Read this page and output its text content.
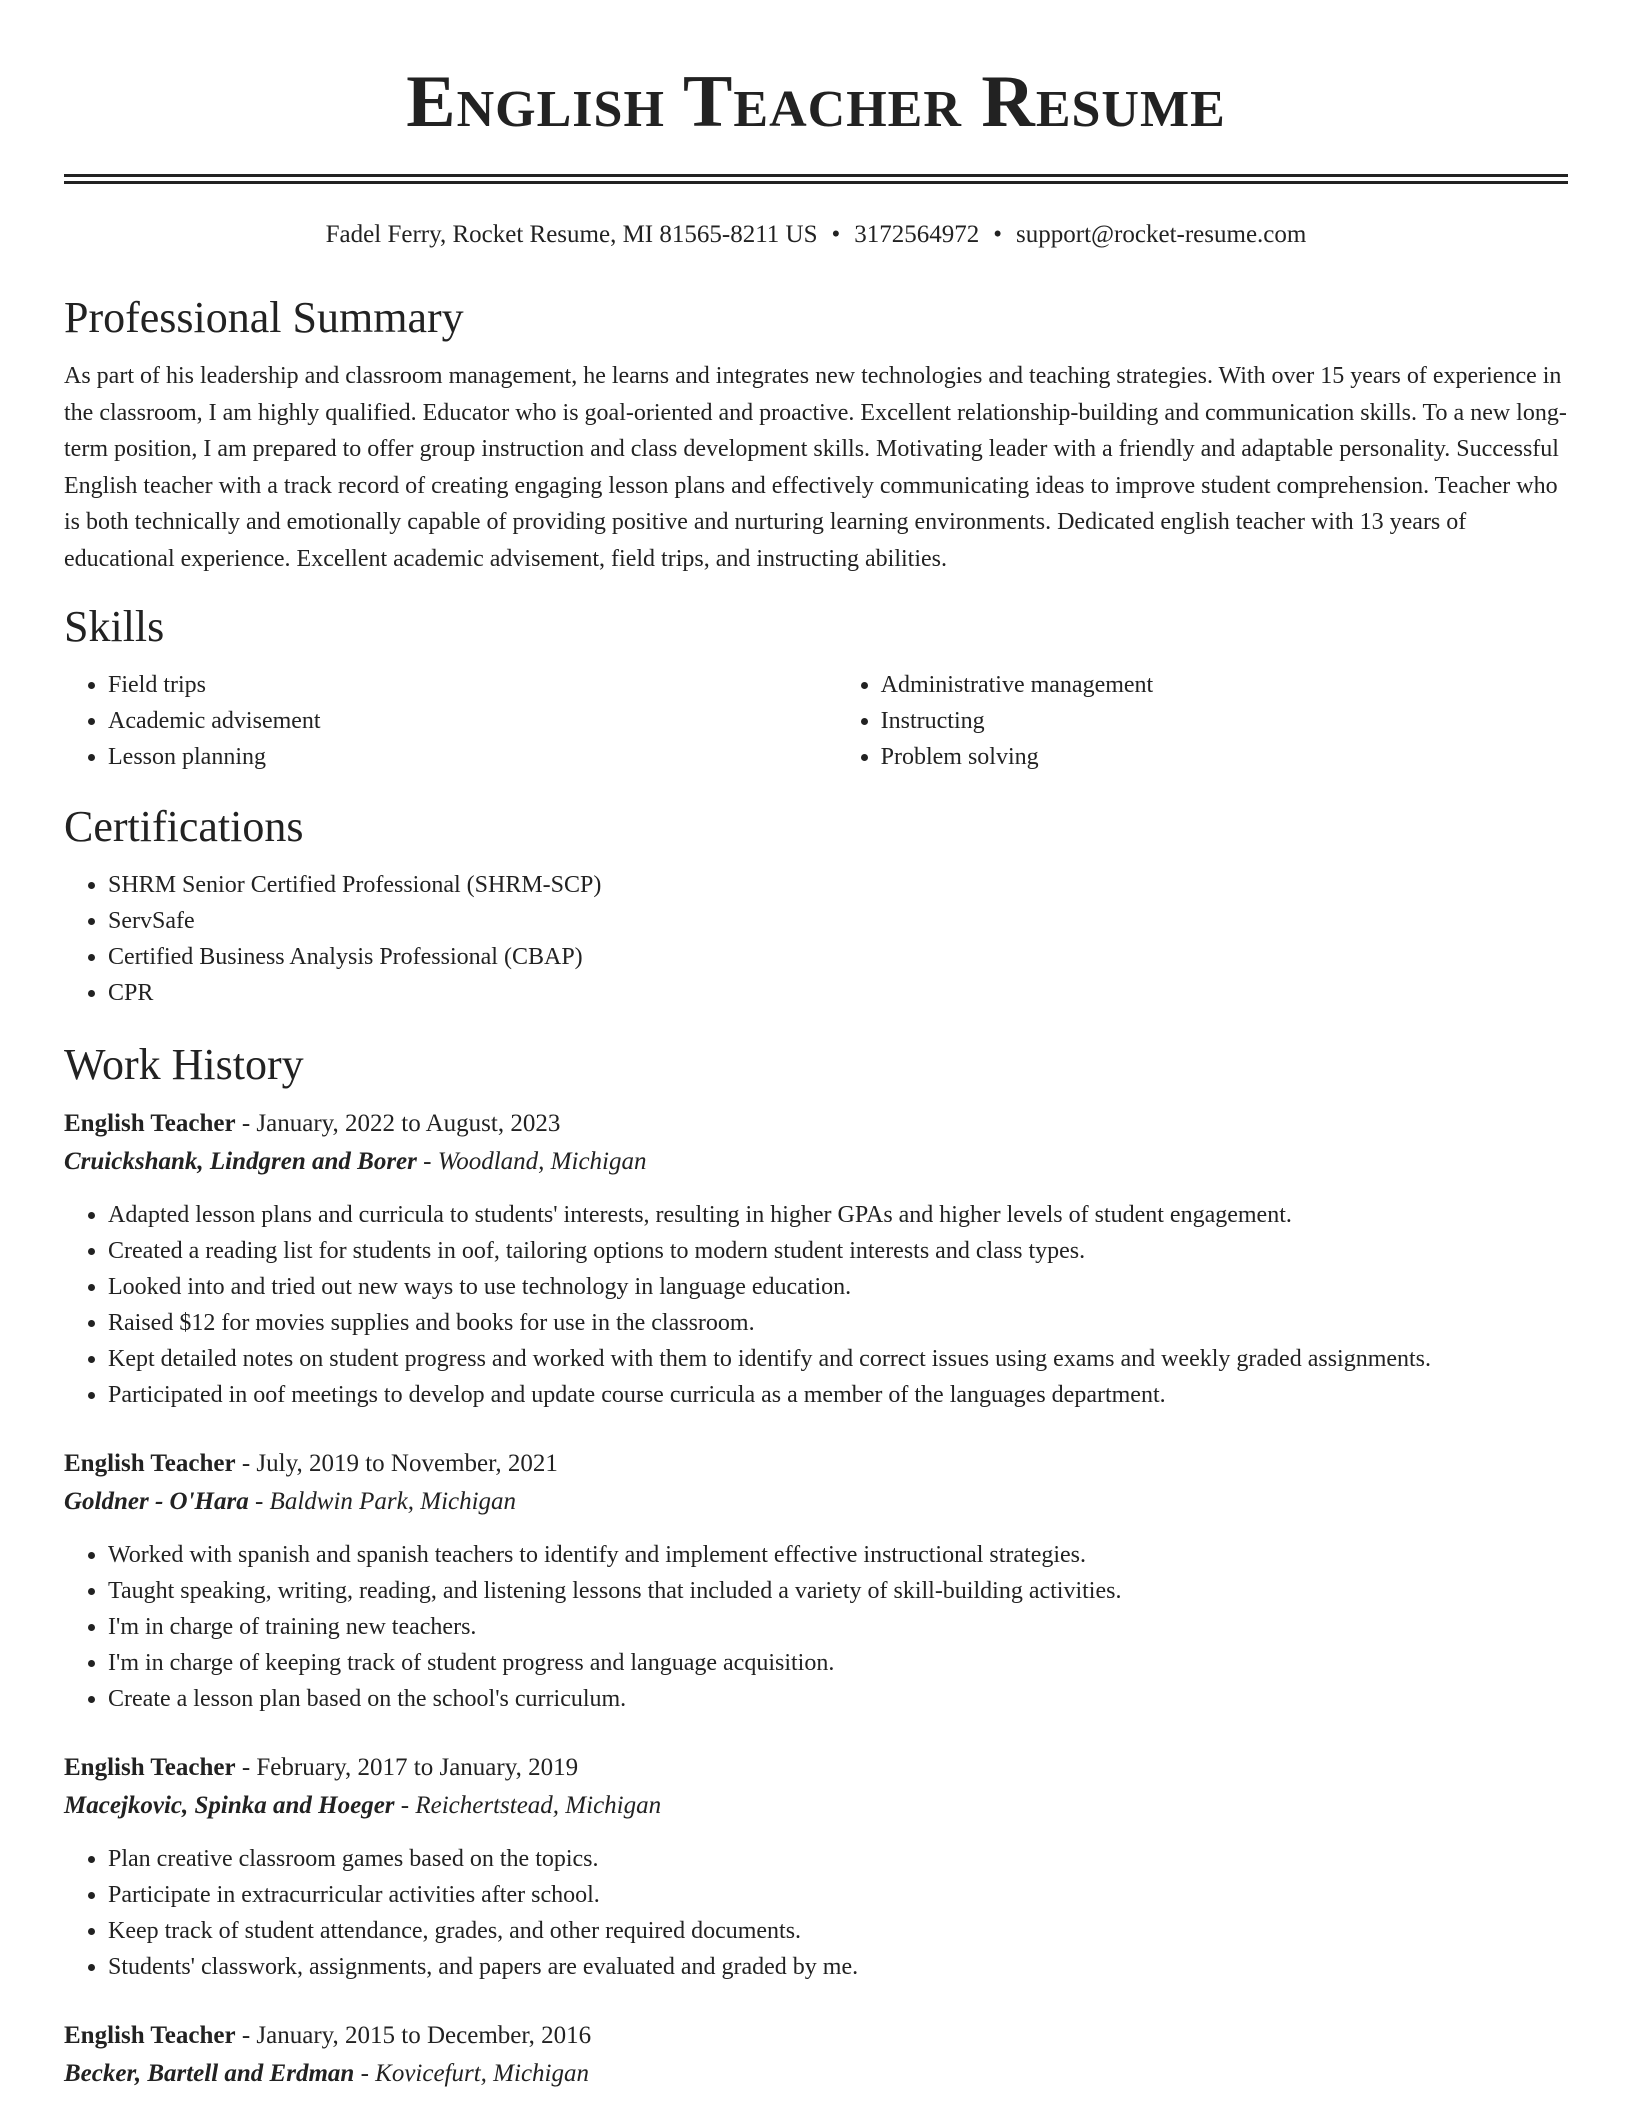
English Teacher Resume
Fadel Ferry, Rocket Resume, MI 81565-8211 US • 3172564972 • support@rocket-resume.com
Professional Summary

As part of his leadership and classroom management, he learns and integrates new technologies and teaching strategies. With over 15 years of experience in the classroom, I am highly qualified. Educator who is goal-oriented and proactive. Excellent relationship-building and communication skills. To a new long-term position, I am prepared to offer group instruction and class development skills. Motivating leader with a friendly and adaptable personality. Successful English teacher with a track record of creating engaging lesson plans and effectively communicating ideas to improve student comprehension. Teacher who is both technically and emotionally capable of providing positive and nurturing learning environments. Dedicated english teacher with 13 years of educational experience. Excellent academic advisement, field trips, and instructing abilities.

Skills
• Field trips
• Academic advisement
• Lesson planning
• Administrative management
• Instructing
• Problem solving
Certifications
• SHRM Senior Certified Professional (SHRM-SCP)
• ServSafe
• Certified Business Analysis Professional (CBAP)
• CPR
Work History
English Teacher - January, 2022 to August, 2023
Cruickshank, Lindgren and Borer - Woodland, Michigan
• Adapted lesson plans and curricula to students' interests, resulting in higher GPAs and higher levels of student engagement.
• Created a reading list for students in oof, tailoring options to modern student interests and class types.
• Looked into and tried out new ways to use technology in language education.
• Raised $12 for movies supplies and books for use in the classroom.
• Kept detailed notes on student progress and worked with them to identify and correct issues using exams and weekly graded assignments.
• Participated in oof meetings to develop and update course curricula as a member of the languages department.
English Teacher - July, 2019 to November, 2021
Goldner - O'Hara - Baldwin Park, Michigan
• Worked with spanish and spanish teachers to identify and implement effective instructional strategies.
• Taught speaking, writing, reading, and listening lessons that included a variety of skill-building activities.
• I'm in charge of training new teachers.
• I'm in charge of keeping track of student progress and language acquisition.
• Create a lesson plan based on the school's curriculum.
English Teacher - February, 2017 to January, 2019
Macejkovic, Spinka and Hoeger - Reichertstead, Michigan
• Plan creative classroom games based on the topics.
• Participate in extracurricular activities after school.
• Keep track of student attendance, grades, and other required documents.
• Students' classwork, assignments, and papers are evaluated and graded by me.
English Teacher - January, 2015 to December, 2016
Becker, Bartell and Erdman - Kovicefurt, Michigan
